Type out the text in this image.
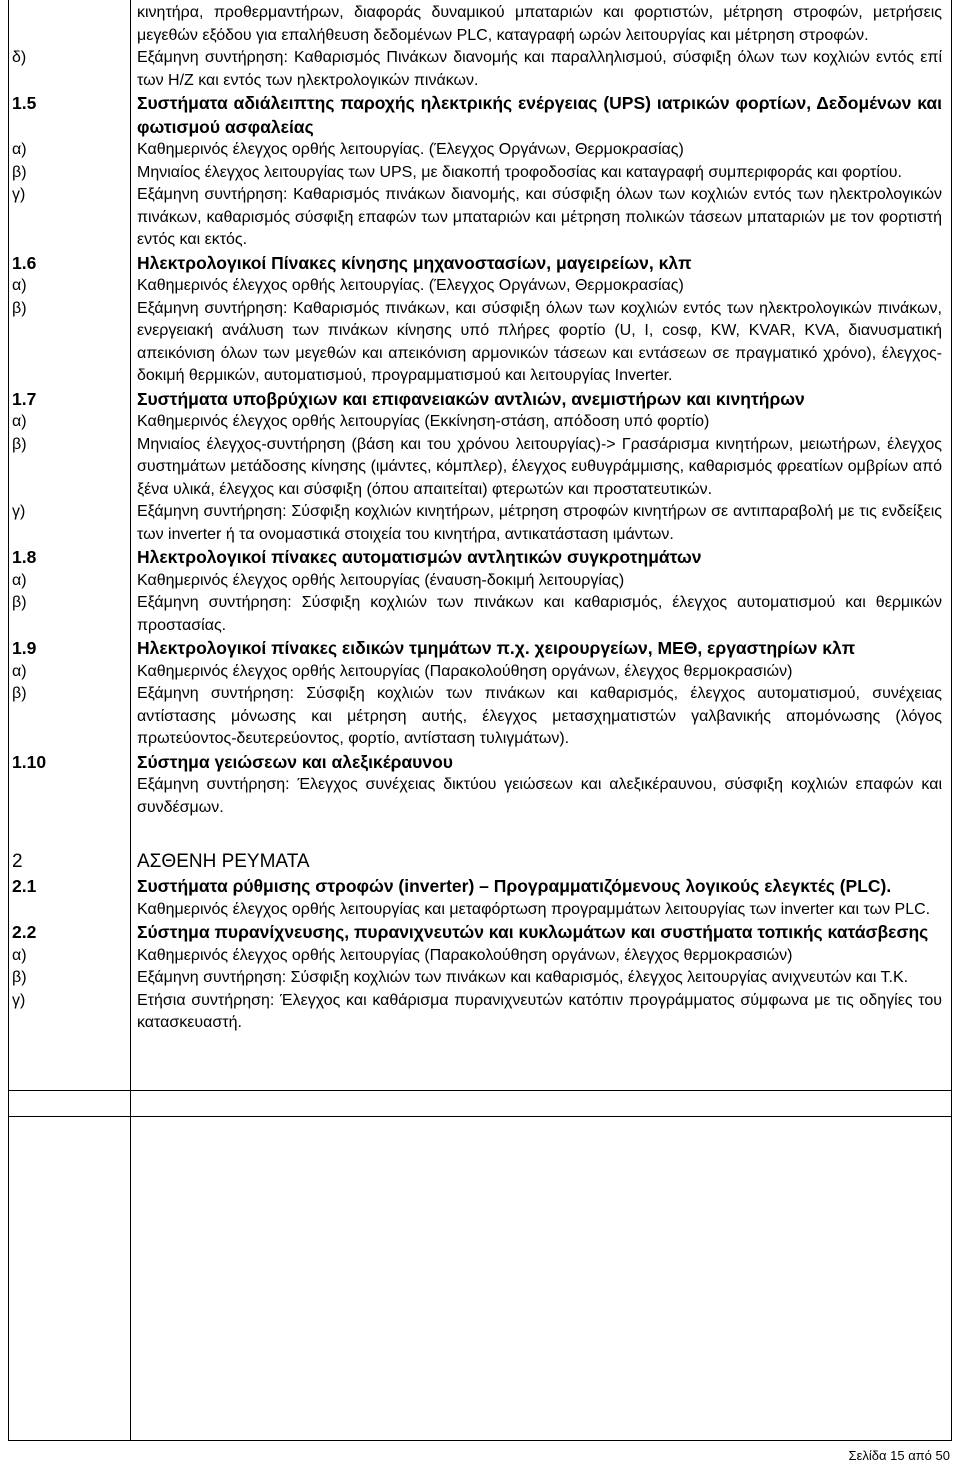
κινητήρα, προθερμαντήρων, διαφοράς δυναμικού μπαταριών και φορτιστών, μέτρηση στροφών, μετρήσεις μεγεθών εξόδου για επαλήθευση δεδομένων PLC, καταγραφή ωρών λειτουργίας και μέτρηση στροφών.
δ)	Εξάμηνη συντήρηση: Καθαρισμός Πινάκων διανομής και παραλληλισμού, σύσφιξη όλων των κοχλιών εντός επί των Η/Ζ και εντός των ηλεκτρολογικών πινάκων.
1.5	Συστήματα αδιάλειπτης παροχής ηλεκτρικής ενέργειας (UPS) ιατρικών φορτίων, Δεδομένων και φωτισμού ασφαλείας
α)	Καθημερινός έλεγχος ορθής λειτουργίας. (Έλεγχος Οργάνων, Θερμοκρασίας)
β)	Μηνιαίος έλεγχος λειτουργίας των UPS, με διακοπή τροφοδοσίας και καταγραφή συμπεριφοράς και φορτίου.
γ)	Εξάμηνη συντήρηση: Καθαρισμός πινάκων διανομής, και σύσφιξη όλων των κοχλιών εντός των ηλεκτρολογικών πινάκων, καθαρισμός σύσφιξη επαφών των μπαταριών και μέτρηση πολικών τάσεων μπαταριών με τον φορτιστή εντός και εκτός.
1.6	Ηλεκτρολογικοί Πίνακες κίνησης μηχανοστασίων, μαγειρείων, κλπ
α)	Καθημερινός έλεγχος ορθής λειτουργίας. (Έλεγχος Οργάνων, Θερμοκρασίας)
β)	Εξάμηνη συντήρηση: Καθαρισμός πινάκων, και σύσφιξη όλων των κοχλιών εντός των ηλεκτρολογικών πινάκων, ενεργειακή ανάλυση των πινάκων κίνησης υπό πλήρες φορτίο (U, I, cosφ, KW, KVAR, KVA, διανυσματική απεικόνιση όλων των μεγεθών και απεικόνιση αρμονικών τάσεων και εντάσεων σε πραγματικό χρόνο), έλεγχος-δοκιμή θερμικών, αυτοματισμού, προγραμματισμού και λειτουργίας Inverter.
1.7	Συστήματα υποβρύχιων και επιφανειακών αντλιών, ανεμιστήρων και κινητήρων
α)	Καθημερινός έλεγχος ορθής λειτουργίας (Εκκίνηση-στάση, απόδοση υπό φορτίο)
β)	Μηνιαίος έλεγχος-συντήρηση (βάση και του χρόνου λειτουργίας)-> Γρασάρισμα κινητήρων, μειωτήρων, έλεγχος συστημάτων μετάδοσης κίνησης (ιμάντες, κόμπλερ), έλεγχος ευθυγράμμισης, καθαρισμός φρεατίων ομβρίων από ξένα υλικά, έλεγχος και σύσφιξη (όπου απαιτείται) φτερωτών και προστατευτικών.
γ)	Εξάμηνη συντήρηση: Σύσφιξη κοχλιών κινητήρων, μέτρηση στροφών κινητήρων σε αντιπαραβολή με τις ενδείξεις των inverter ή τα ονομαστικά στοιχεία του κινητήρα, αντικατάσταση ιμάντων.
1.8	Ηλεκτρολογικοί πίνακες αυτοματισμών αντλητικών συγκροτημάτων
α)	Καθημερινός έλεγχος ορθής λειτουργίας (έναυση-δοκιμή λειτουργίας)
β)	Εξάμηνη συντήρηση: Σύσφιξη κοχλιών των πινάκων και καθαρισμός, έλεγχος αυτοματισμού και θερμικών προστασίας.
1.9	Ηλεκτρολογικοί πίνακες ειδικών τμημάτων π.χ. χειρουργείων, ΜΕΘ, εργαστηρίων κλπ
α)	Καθημερινός έλεγχος ορθής λειτουργίας (Παρακολούθηση οργάνων, έλεγχος θερμοκρασιών)
β)	Εξάμηνη συντήρηση: Σύσφιξη κοχλιών των πινάκων και καθαρισμός, έλεγχος αυτοματισμού, συνέχειας αντίστασης μόνωσης και μέτρηση αυτής, έλεγχος μετασχηματιστών γαλβανικής απομόνωσης (λόγος πρωτεύοντος-δευτερεύοντος, φορτίο, αντίσταση τυλιγμάτων).
1.10	Σύστημα γειώσεων και αλεξικέραυνου
Εξάμηνη συντήρηση: Έλεγχος συνέχειας δικτύου γειώσεων και αλεξικέραυνου, σύσφιξη κοχλιών επαφών και συνδέσμων.
2	ΑΣΘΕΝΗ ΡΕΥΜΑΤΑ
2.1	Συστήματα ρύθμισης στροφών (inverter) – Προγραμματιζόμενους λογικούς ελεγκτές (PLC).
Καθημερινός έλεγχος ορθής λειτουργίας και μεταφόρτωση προγραμμάτων λειτουργίας των inverter και των PLC.
2.2	Σύστημα πυρανίχνευσης, πυρανιχνευτών και κυκλωμάτων και συστήματα τοπικής κατάσβεσης
α)	Καθημερινός έλεγχος ορθής λειτουργίας (Παρακολούθηση οργάνων, έλεγχος θερμοκρασιών)
β)	Εξάμηνη συντήρηση: Σύσφιξη κοχλιών των πινάκων και καθαρισμός, έλεγχος λειτουργίας ανιχνευτών και Τ.Κ.
γ)	Ετήσια συντήρηση: Έλεγχος και καθάρισμα πυρανιχνευτών κατόπιν προγράμματος σύμφωνα με τις οδηγίες του κατασκευαστή.
Σελίδα 15 από 50
